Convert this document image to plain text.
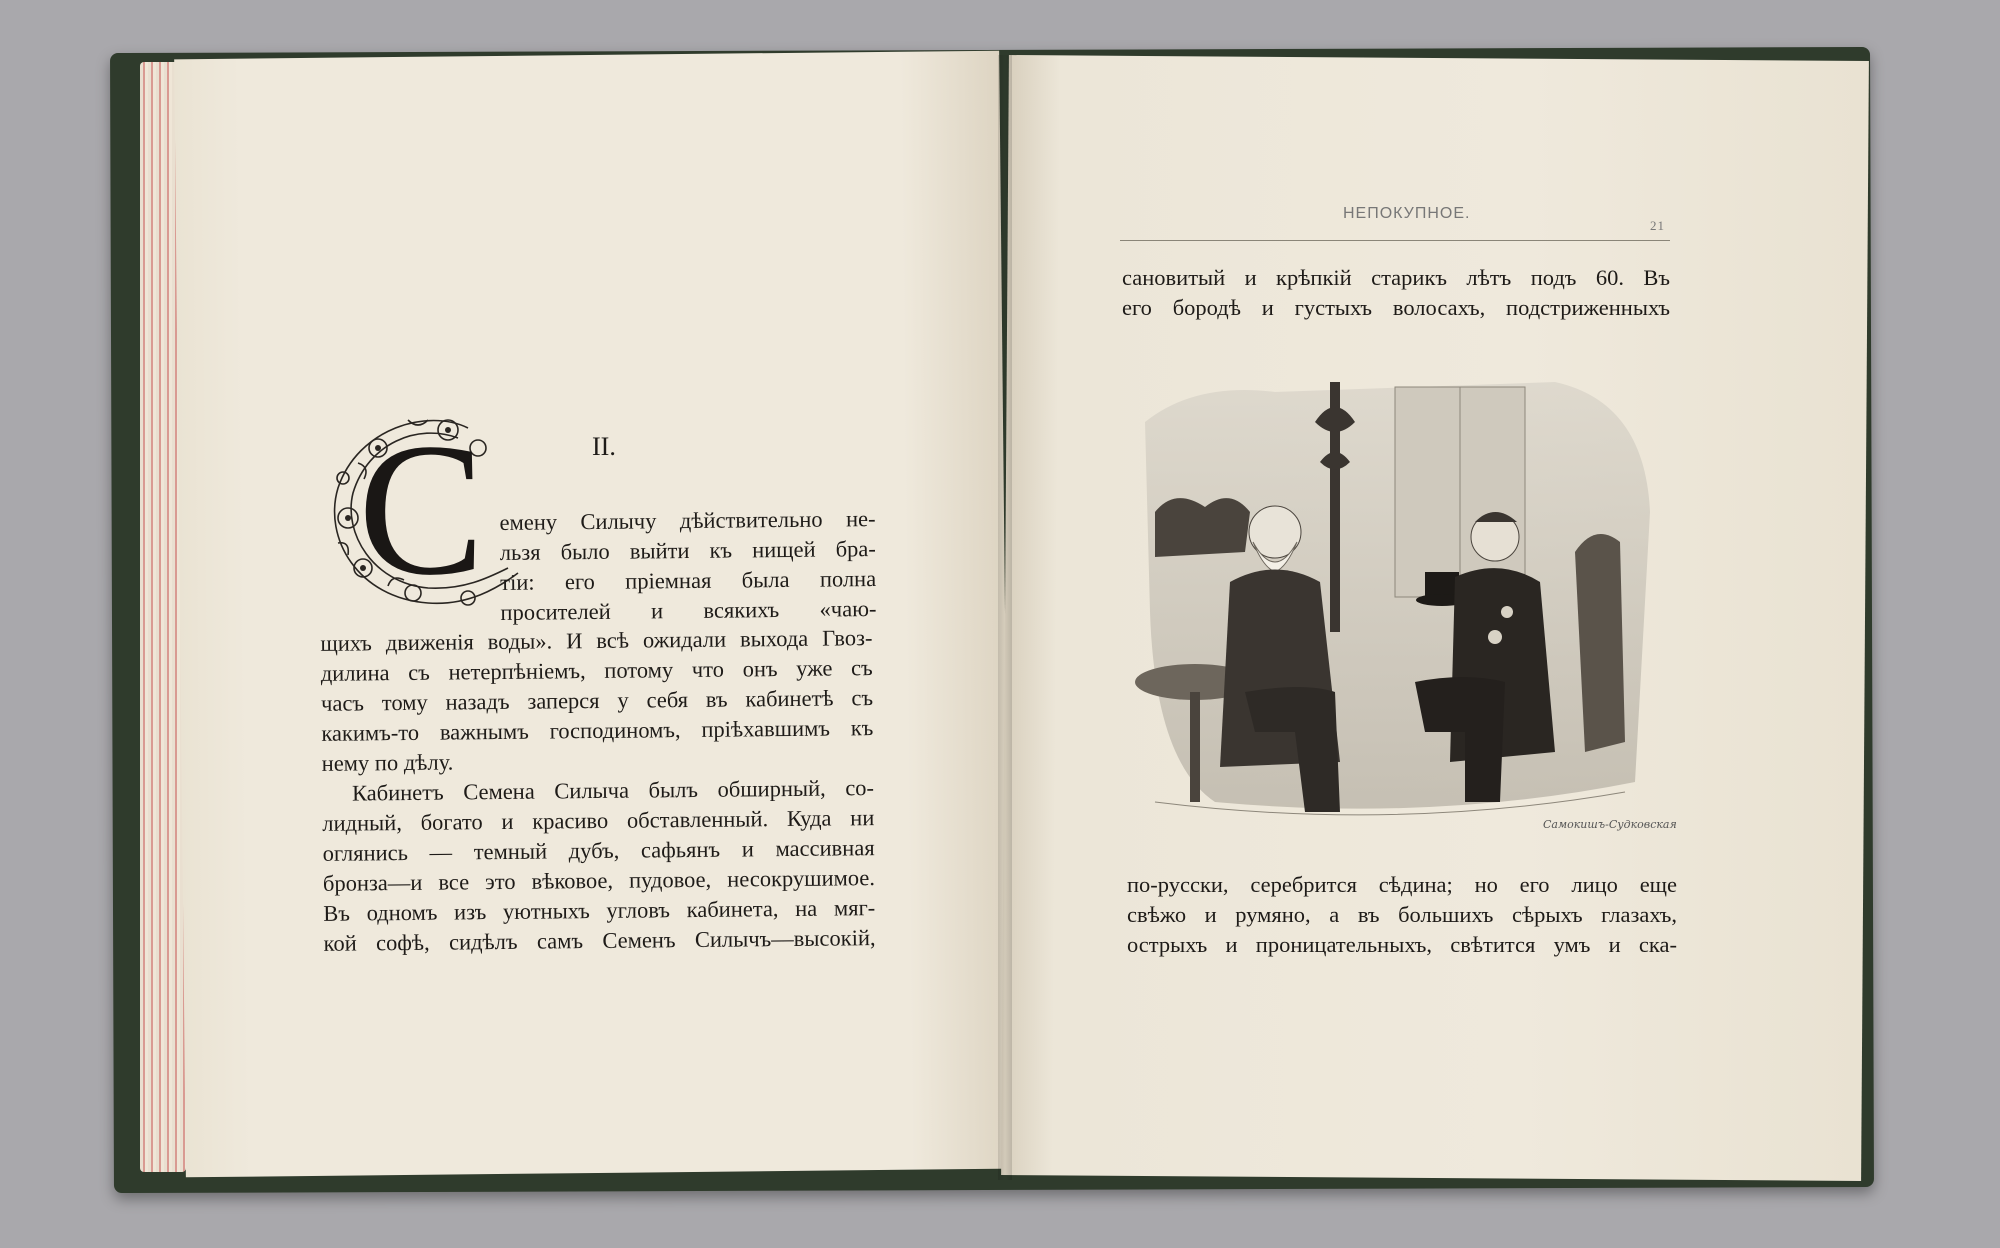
С	II.
емену Силычу дѣйствительно не-
льзя было выйти къ нищей бра-
тіи: его пріемная была полна
просителей и всякихъ «чаю-
щихъ движенія воды». И всѣ ожидали выхода Гвоз-
дилина съ нетерпѣніемъ, потому что онъ уже съ
часъ тому назадъ заперся у себя въ кабинетѣ съ
какимъ-то важнымъ господиномъ, пріѣхавшимъ къ
нему по дѣлу.
Кабинетъ Семена Силыча былъ обширный, со-
лидный, богато и красиво обставленный. Куда ни
оглянись — темный дубъ, сафьянъ и массивная
бронза—и все это вѣковое, пудовое, несокрушимое.
Въ одномъ изъ уютныхъ угловъ кабинета, на мяг-
кой софѣ, сидѣлъ самъ Семенъ Силычъ—высокій,
НЕПОКУПНОЕ.
21
сановитый и крѣпкій старикъ лѣтъ подъ 60. Въ
его бородѣ и густыхъ волосахъ, подстриженныхъ
Самокишъ-Судковская
по-русски, серебрится сѣдина; но его лицо еще
свѣжо и румяно, а въ большихъ сѣрыхъ глазахъ,
острыхъ и проницательныхъ, свѣтится умъ и ска-
